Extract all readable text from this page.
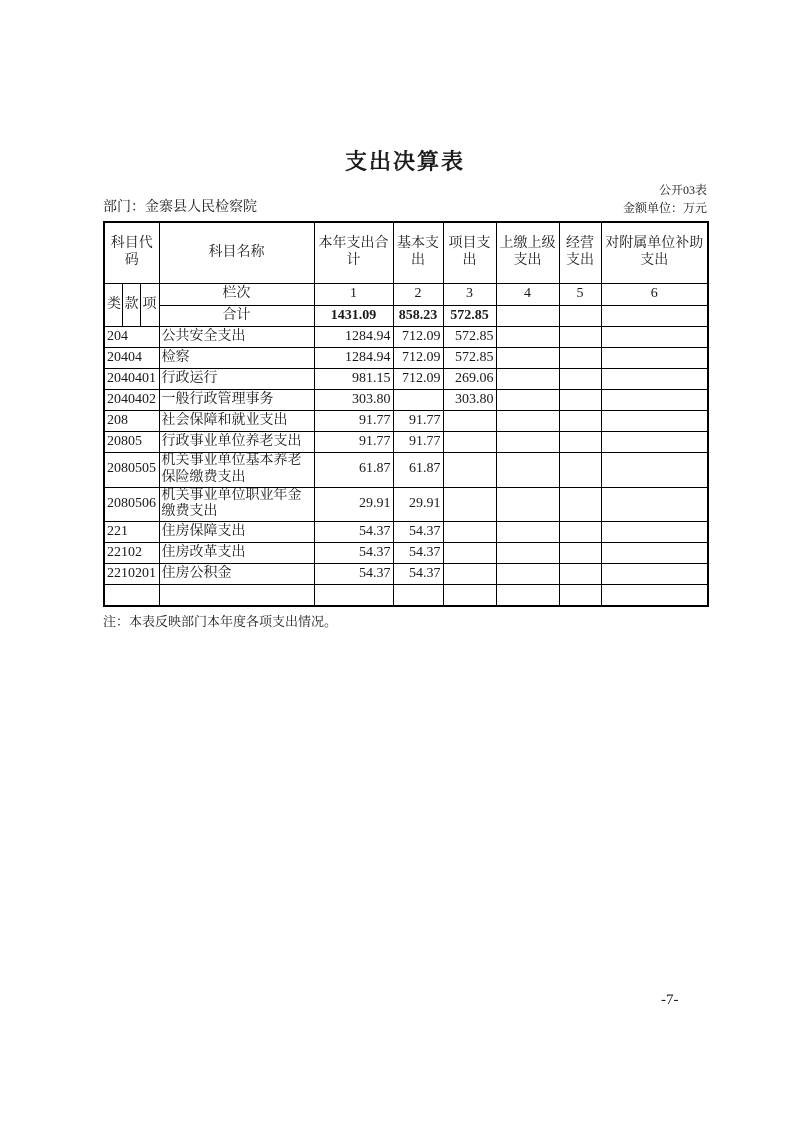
支出决算表
公开03表
部门：金寨县人民检察院	金额单位：万元
科目代码			科目名称	本年支出合计	基本支出	项目支出	上缴上级支出	经营支出	对附属单位补助支出
类	款	项	栏次	1	2	3	4	5	6
			合计	1431.09	858.23	572.85			
204			公共安全支出	1284.94	712.09	572.85			
20404			检察	1284.94	712.09	572.85			
2040401			行政运行	981.15	712.09	269.06			
2040402			一般行政管理事务	303.80		303.80			
208			社会保障和就业支出	91.77	91.77				
20805			行政事业单位养老支出	91.77	91.77				
2080505			机关事业单位基本养老保险缴费支出	61.87	61.87				
2080506			机关事业单位职业年金缴费支出	29.91	29.91				
221			住房保障支出	54.37	54.37				
22102			住房改革支出	54.37	54.37				
2210201			住房公积金	54.37	54.37				

注：本表反映部门本年度各项支出情况。
-7-
